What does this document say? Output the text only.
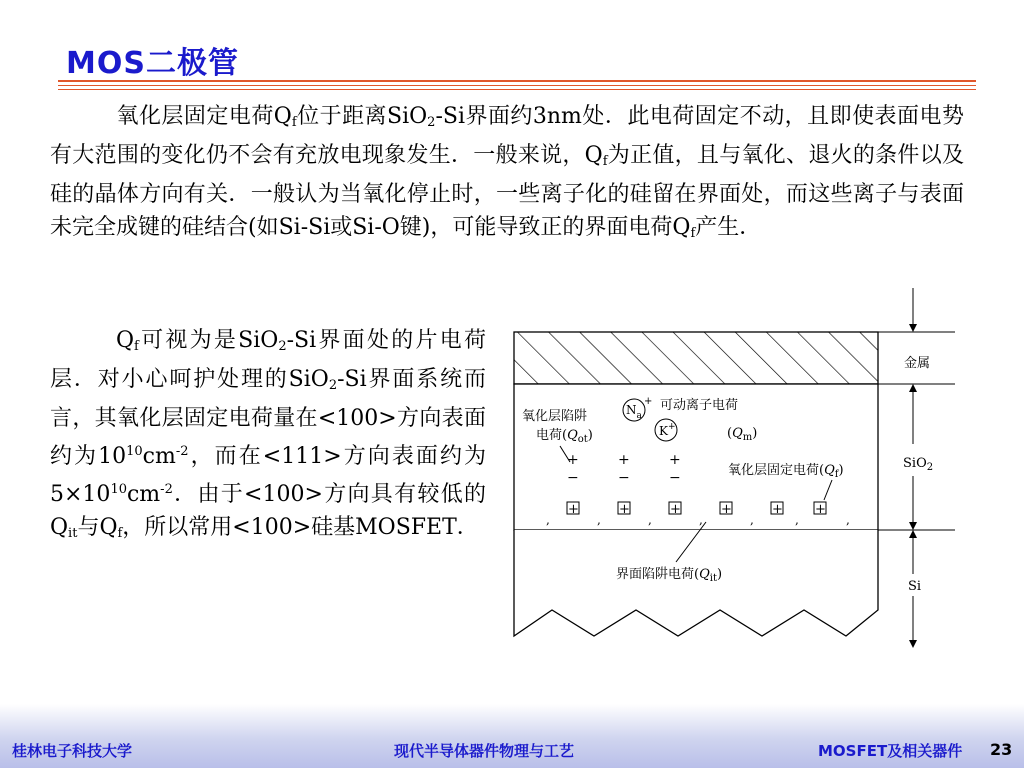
MOS二极管

氧化层固定电荷$Q_f$位于距离SiO$_2$-Si界面约3nm处．此电荷固定不动，且即使表面电势有大范围的变化仍不会有充放电现象发生．一般来说，$Q_f$为正值，且与氧化、退火的条件以及硅的晶体方向有关．一般认为当氧化停止时，一些离子化的硅留在界面处，而这些离子与表面未完全成键的硅结合(如Si-Si或Si-O键)，可能导致正的界面电荷$Q_f$产生．

$Q_f$可视为是SiO$_2$-Si界面处的片电荷层．对小心呵护处理的SiO$_2$-Si界面系统而言，其氧化层固定电荷量在<100>方向表面约为$10^{10}cm^{-2}$，而在<111>方向表面约为$5\times 10^{10}cm^{-2}$．由于<100>方向具有较低的$Q_{it}$与$Q_f$，所以常用<100>硅基MOSFET．

金属
SiO$_2$
Si
$N_a$
+
K+
可动离子电荷
$(Q_m)$
氧化层陷阱
电荷$(Q_{ot})$
+
−
+
−
+
−	氧化层固定电荷$(Q_f)$
+	+	+	+	+ +
,	,	,	,	,	,	,
界面陷阱电荷$(Q_{it})$
桂林电子科技大学	现代半导体器件物理与工艺	MOSFET及相关器件 23
